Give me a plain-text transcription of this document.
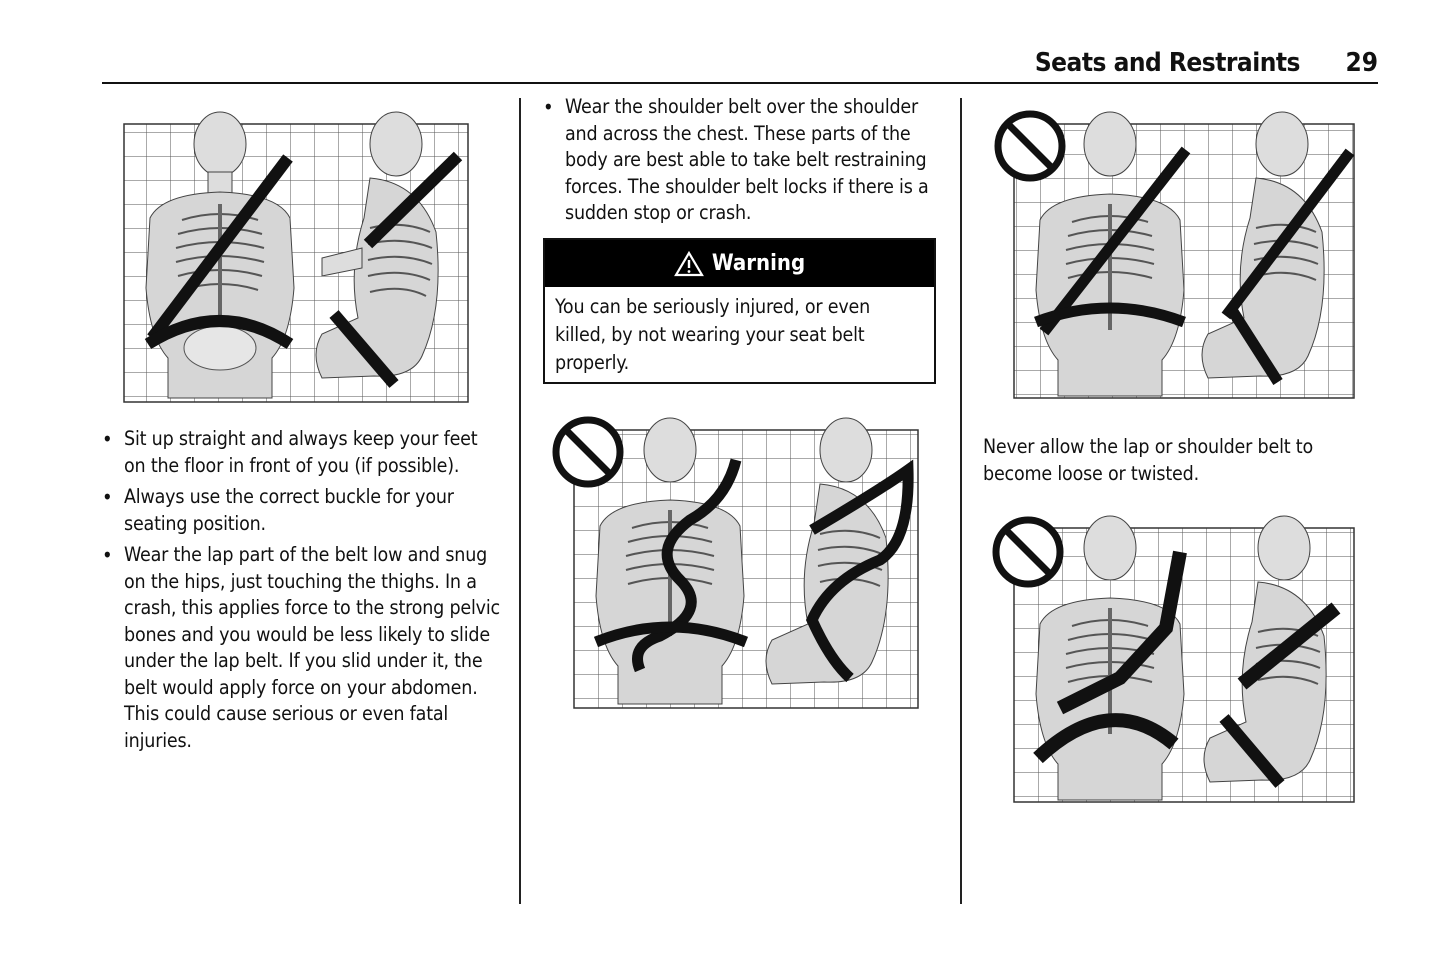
Seats and Restraints 29
• Sit up straight and always keep your feet on the floor in front of you (if possible).
• Always use the correct buckle for your seating position.
• Wear the lap part of the belt low and snug on the hips, just touching the thighs. In a crash, this applies force to the strong pelvic bones and you would be less likely to slide under the lap belt. If you slid under it, the belt would apply force on your abdomen. This could cause serious or even fatal injuries.
• Wear the shoulder belt over the shoulder and across the chest. These parts of the body are best able to take belt restraining forces. The shoulder belt locks if there is a sudden stop or crash.
Warning
You can be seriously injured, or even killed, by not wearing your seat belt properly.
Never allow the lap or shoulder belt to become loose or twisted.
